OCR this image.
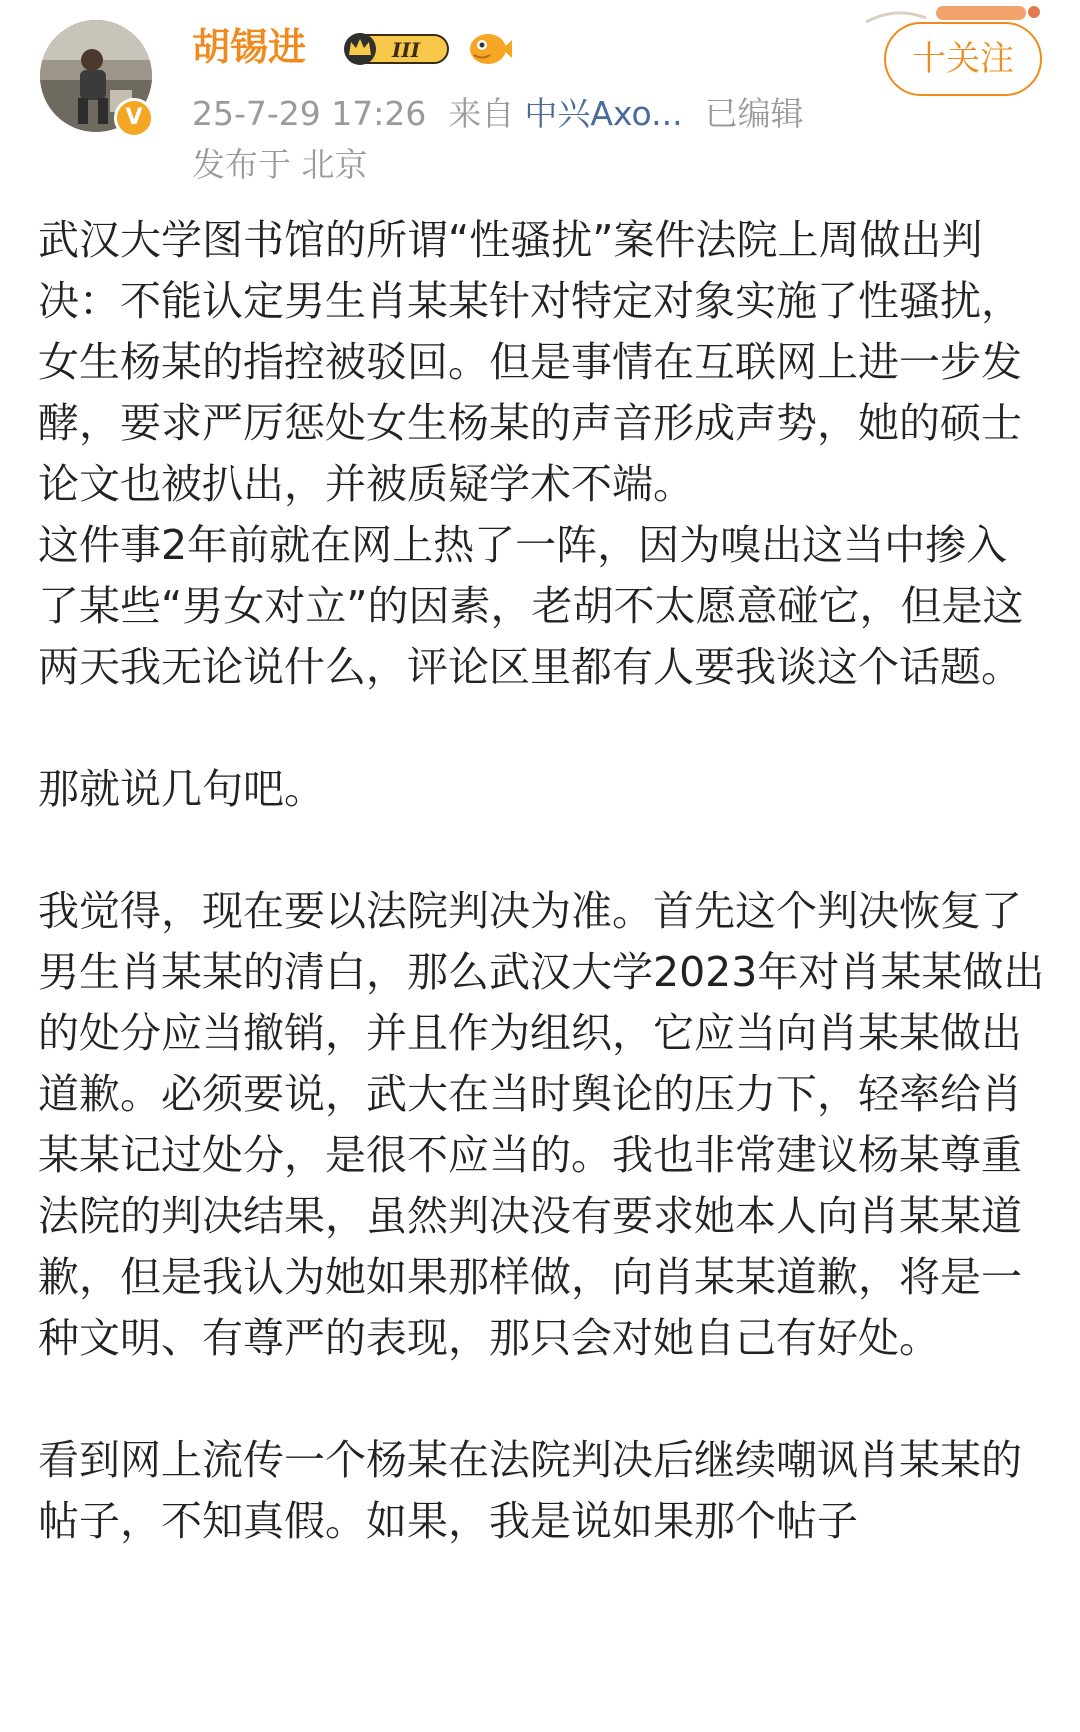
V
胡锡进	III
25-7-29 17:26 来自 中兴Axo... 已编辑
发布于 北京
十关注

武汉大学图书馆的所谓“性骚扰”案件法院上周做出判决：不能认定男生肖某某针对特定对象实施了性骚扰，女生杨某的指控被驳回。但是事情在互联网上进一步发酵，要求严厉惩处女生杨某的声音形成声势，她的硕士论文也被扒出，并被质疑学术不端。

这件事2年前就在网上热了一阵，因为嗅出这当中掺入了某些“男女对立”的因素，老胡不太愿意碰它，但是这两天我无论说什么，评论区里都有人要我谈这个话题。

那就说几句吧。

我觉得，现在要以法院判决为准。首先这个判决恢复了男生肖某某的清白，那么武汉大学2023年对肖某某做出的处分应当撤销，并且作为组织，它应当向肖某某做出道歉。必须要说，武大在当时舆论的压力下，轻率给肖某某记过处分，是很不应当的。我也非常建议杨某尊重法院的判决结果，虽然判决没有要求她本人向肖某某道歉，但是我认为她如果那样做，向肖某某道歉，将是一种文明、有尊严的表现，那只会对她自己有好处。

看到网上流传一个杨某在法院判决后继续嘲讽肖某某的帖子，不知真假。如果，我是说如果那个帖子
